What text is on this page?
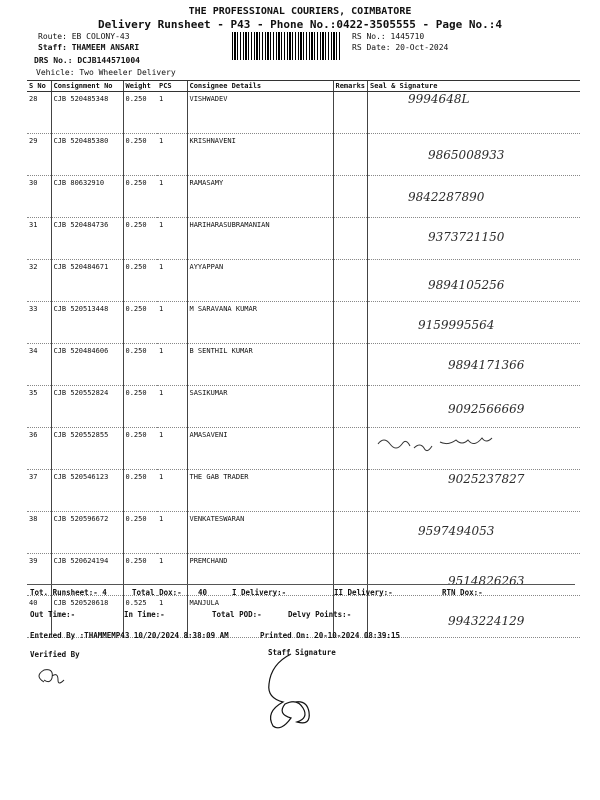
THE PROFESSIONAL COURIERS, COIMBATORE
Delivery Runsheet - P43 - Phone No.:0422-3505555 - Page No.:4
Route: EB COLONY-43
Staff: THAMEEM ANSARI
DRS No.: DCJB144571004
Vehicle: Two Wheeler Delivery
RS No.: 1445710
RS Date: 20-Oct-2024
S No	Consignment No	Weight	PCS	Consignee Details	Remarks	Seal & Signature
28	CJB 520485348	0.250	1	VISHWADEV		9994648L

29	CJB 520485380	0.250	1	KRISHNAVENI		9865008933

30	CJB 80632910	0.250	1	RAMASAMY		9842287890

31	CJB 520484736	0.250	1	HARIHARASUBRAMANIAN		9373721150

32	CJB 520484671	0.250	1	AYYAPPAN		9894105256

33	CJB 520513448	0.250	1	M SARAVANA KUMAR		9159995564

34	CJB 520484606	0.250	1	B SENTHIL KUMAR		9894171366

35	CJB 520552824	0.250	1	SASIKUMAR		9092566669

36	CJB 520552855	0.250	1	AMASAVENI		

37	CJB 520546123	0.250	1	THE GAB TRADER		9025237827

38	CJB 520596672	0.250	1	VENKATESWARAN		9597494053

39	CJB 520624194	0.250	1	PREMCHAND		9514826263

40	CJB 520520618	0.525	1	MANJULA		9943224129
Tot. Runsheet:- 4	Total Dox:- 40	I Delivery:-	II Delivery:-	RTN Dox:-
Out Time:-	In Time:-	Total POD:-	Delvy Points:-
Entered By :THAMMEMP43 10/20/2024 8:38:09 AM	Printed On: 20-10-2024 08:39:15
Verified By	Staff Signature
